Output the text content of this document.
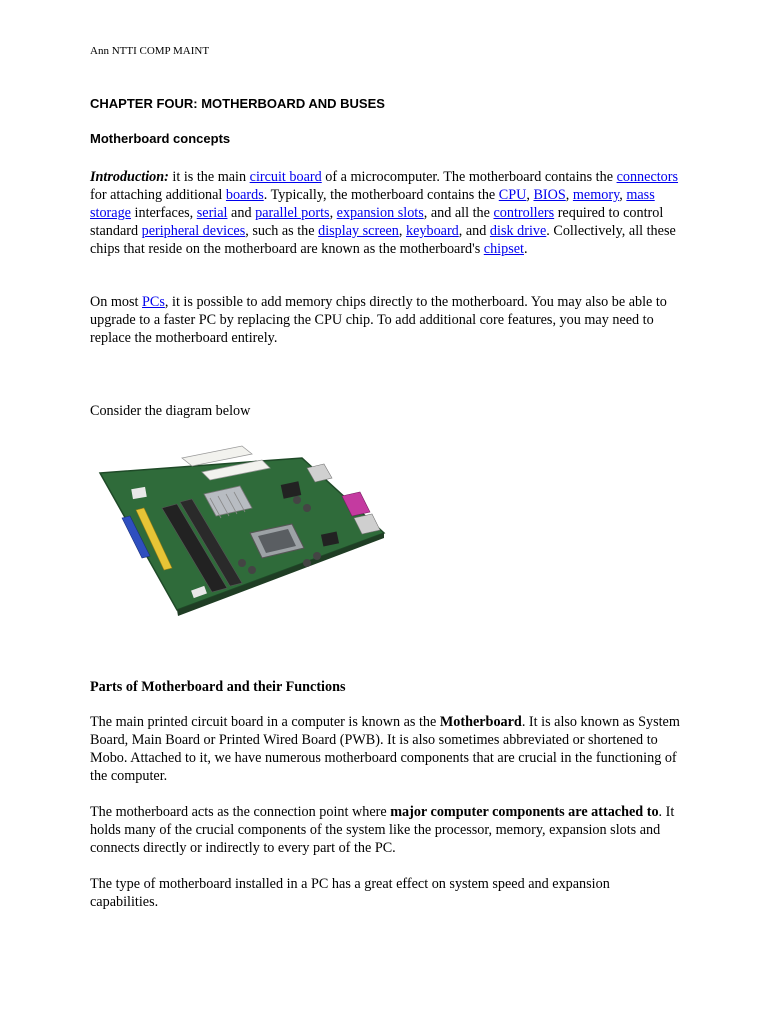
Ann NTTI COMP MAINT
CHAPTER FOUR: MOTHERBOARD AND BUSES
Motherboard concepts
Introduction: it is the main circuit board of a microcomputer. The motherboard contains the connectors for attaching additional boards. Typically, the motherboard contains the CPU, BIOS, memory, mass storage interfaces, serial and parallel ports, expansion slots, and all the controllers required to control standard peripheral devices, such as the display screen, keyboard, and disk drive. Collectively, all these chips that reside on the motherboard are known as the motherboard's chipset.
On most PCs, it is possible to add memory chips directly to the motherboard. You may also be able to upgrade to a faster PC by replacing the CPU chip. To add additional core features, you may need to replace the motherboard entirely.
Consider the diagram below
Parts of Motherboard and their Functions
The main printed circuit board in a computer is known as the Motherboard. It is also known as System Board, Main Board or Printed Wired Board (PWB). It is also sometimes abbreviated or shortened to Mobo. Attached to it, we have numerous motherboard components that are crucial in the functioning of the computer.
The motherboard acts as the connection point where major computer components are attached to. It holds many of the crucial components of the system like the processor, memory, expansion slots and connects directly or indirectly to every part of the PC.
The type of motherboard installed in a PC has a great effect on system speed and expansion capabilities.
